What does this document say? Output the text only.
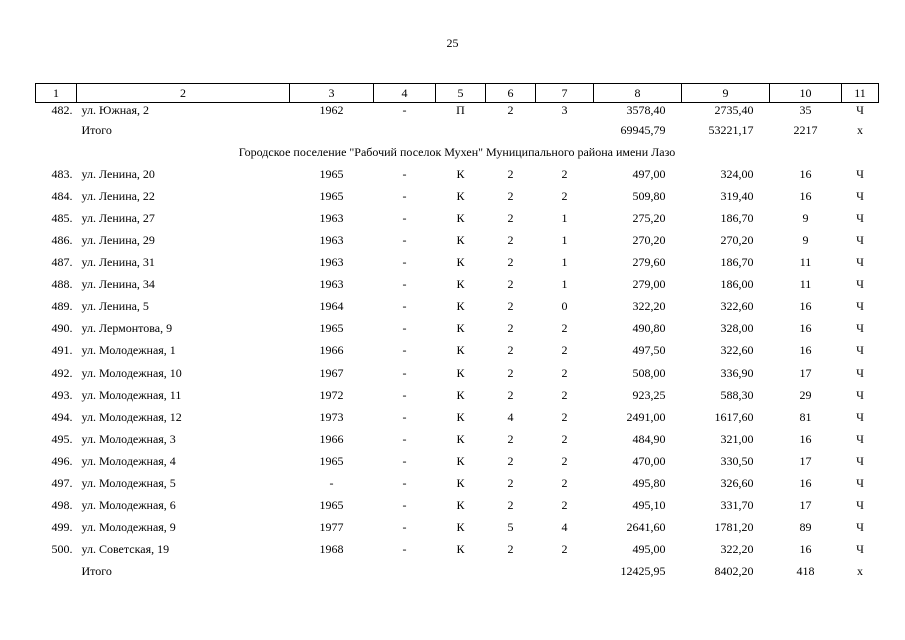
25
1	2	3	4	5	6	7	8	9	10	11
482.	ул. Южная, 2	1962	-	П	2	3	3578,40	2735,40	35	Ч
	Итого						69945,79	53221,17	2217	х
Городское поселение "Рабочий поселок Мухен" Муниципального района имени Лазо										
483.	ул. Ленина, 20	1965	-	К	2	2	497,00	324,00	16	Ч
484.	ул. Ленина, 22	1965	-	К	2	2	509,80	319,40	16	Ч
485.	ул. Ленина, 27	1963	-	К	2	1	275,20	186,70	9	Ч
486.	ул. Ленина, 29	1963	-	К	2	1	270,20	270,20	9	Ч
487.	ул. Ленина, 31	1963	-	К	2	1	279,60	186,70	11	Ч
488.	ул. Ленина, 34	1963	-	К	2	1	279,00	186,00	11	Ч
489.	ул. Ленина, 5	1964	-	К	2	0	322,20	322,60	16	Ч
490.	ул. Лермонтова, 9	1965	-	К	2	2	490,80	328,00	16	Ч
491.	ул. Молодежная, 1	1966	-	К	2	2	497,50	322,60	16	Ч
492.	ул. Молодежная, 10	1967	-	К	2	2	508,00	336,90	17	Ч
493.	ул. Молодежная, 11	1972	-	К	2	2	923,25	588,30	29	Ч
494.	ул. Молодежная, 12	1973	-	К	4	2	2491,00	1617,60	81	Ч
495.	ул. Молодежная, 3	1966	-	К	2	2	484,90	321,00	16	Ч
496.	ул. Молодежная, 4	1965	-	К	2	2	470,00	330,50	17	Ч
497.	ул. Молодежная, 5	-	-	К	2	2	495,80	326,60	16	Ч
498.	ул. Молодежная, 6	1965	-	К	2	2	495,10	331,70	17	Ч
499.	ул. Молодежная, 9	1977	-	К	5	4	2641,60	1781,20	89	Ч
500.	ул. Советская, 19	1968	-	К	2	2	495,00	322,20	16	Ч
	Итого						12425,95	8402,20	418	х
